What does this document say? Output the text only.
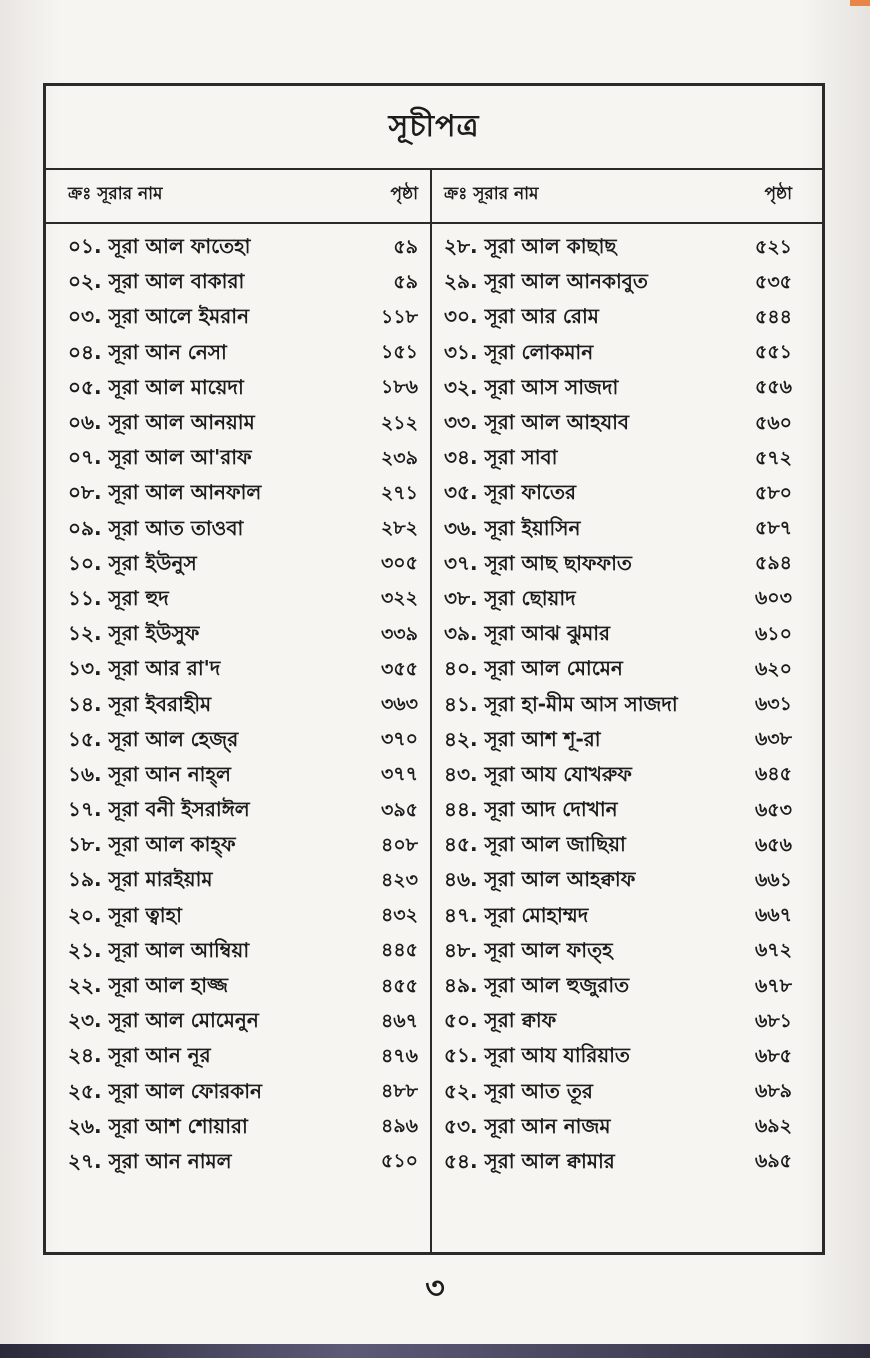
সূচীপত্র
ক্রঃ সূরার নাম	পৃষ্ঠা
০১. সূরা আল ফাতেহা	৫৯
০২. সূরা আল বাকারা	৫৯
০৩. সূরা আলে ইমরান	১১৮
০৪. সূরা আন নেসা	১৫১
০৫. সূরা আল মায়েদা	১৮৬
০৬. সূরা আল আনয়াম	২১২
০৭. সূরা আল আ'রাফ	২৩৯
০৮. সূরা আল আনফাল	২৭১
০৯. সূরা আত তাওবা	২৮২
১০. সূরা ইউনুস	৩০৫
১১. সূরা হুদ	৩২২
১২. সূরা ইউসুফ	৩৩৯
১৩. সূরা আর রা'দ	৩৫৫
১৪. সূরা ইবরাহীম	৩৬৩
১৫. সূরা আল হেজ্‌র	৩৭০
১৬. সূরা আন নাহ্‌ল	৩৭৭
১৭. সূরা বনী ইসরাঈল	৩৯৫
১৮. সূরা আল কাহ্‌ফ	৪০৮
১৯. সূরা মারইয়াম	৪২৩
২০. সূরা ত্বাহা	৪৩২
২১. সূরা আল আম্বিয়া	৪৪৫
২২. সূরা আল হাজ্জ	৪৫৫
২৩. সূরা আল মোমেনুন	৪৬৭
২৪. সূরা আন নূর	৪৭৬
২৫. সূরা আল ফোরকান	৪৮৮
২৬. সূরা আশ শোয়ারা	৪৯৬
২৭. সূরা আন নামল	৫১০
ক্রঃ সূরার নাম	পৃষ্ঠা
২৮. সূরা আল কাছাছ	৫২১
২৯. সূরা আল আনকাবুত	৫৩৫
৩০. সূরা আর রোম	৫৪৪
৩১. সূরা লোকমান	৫৫১
৩২. সূরা আস সাজদা	৫৫৬
৩৩. সূরা আল আহযাব	৫৬০
৩৪. সূরা সাবা	৫৭২
৩৫. সূরা ফাতের	৫৮০
৩৬. সূরা ইয়াসিন	৫৮৭
৩৭. সূরা আছ ছাফফাত	৫৯৪
৩৮. সূরা ছোয়াদ	৬০৩
৩৯. সূরা আঝ ঝুমার	৬১০
৪০. সূরা আল মোমেন	৬২০
৪১. সূরা হা-মীম আস সাজদা	৬৩১
৪২. সূরা আশ শূ-রা	৬৩৮
৪৩. সূরা আয যোখরুফ	৬৪৫
৪৪. সূরা আদ দোখান	৬৫৩
৪৫. সূরা আল জাছিয়া	৬৫৬
৪৬. সূরা আল আহক্বাফ	৬৬১
৪৭. সূরা মোহাম্মদ	৬৬৭
৪৮. সূরা আল ফাত্‌হ	৬৭২
৪৯. সূরা আল হুজুরাত	৬৭৮
৫০. সূরা ক্বাফ	৬৮১
৫১. সূরা আয যারিয়াত	৬৮৫
৫২. সূরা আত তূর	৬৮৯
৫৩. সূরা আন নাজম	৬৯২
৫৪. সূরা আল ক্বামার	৬৯৫
৩
